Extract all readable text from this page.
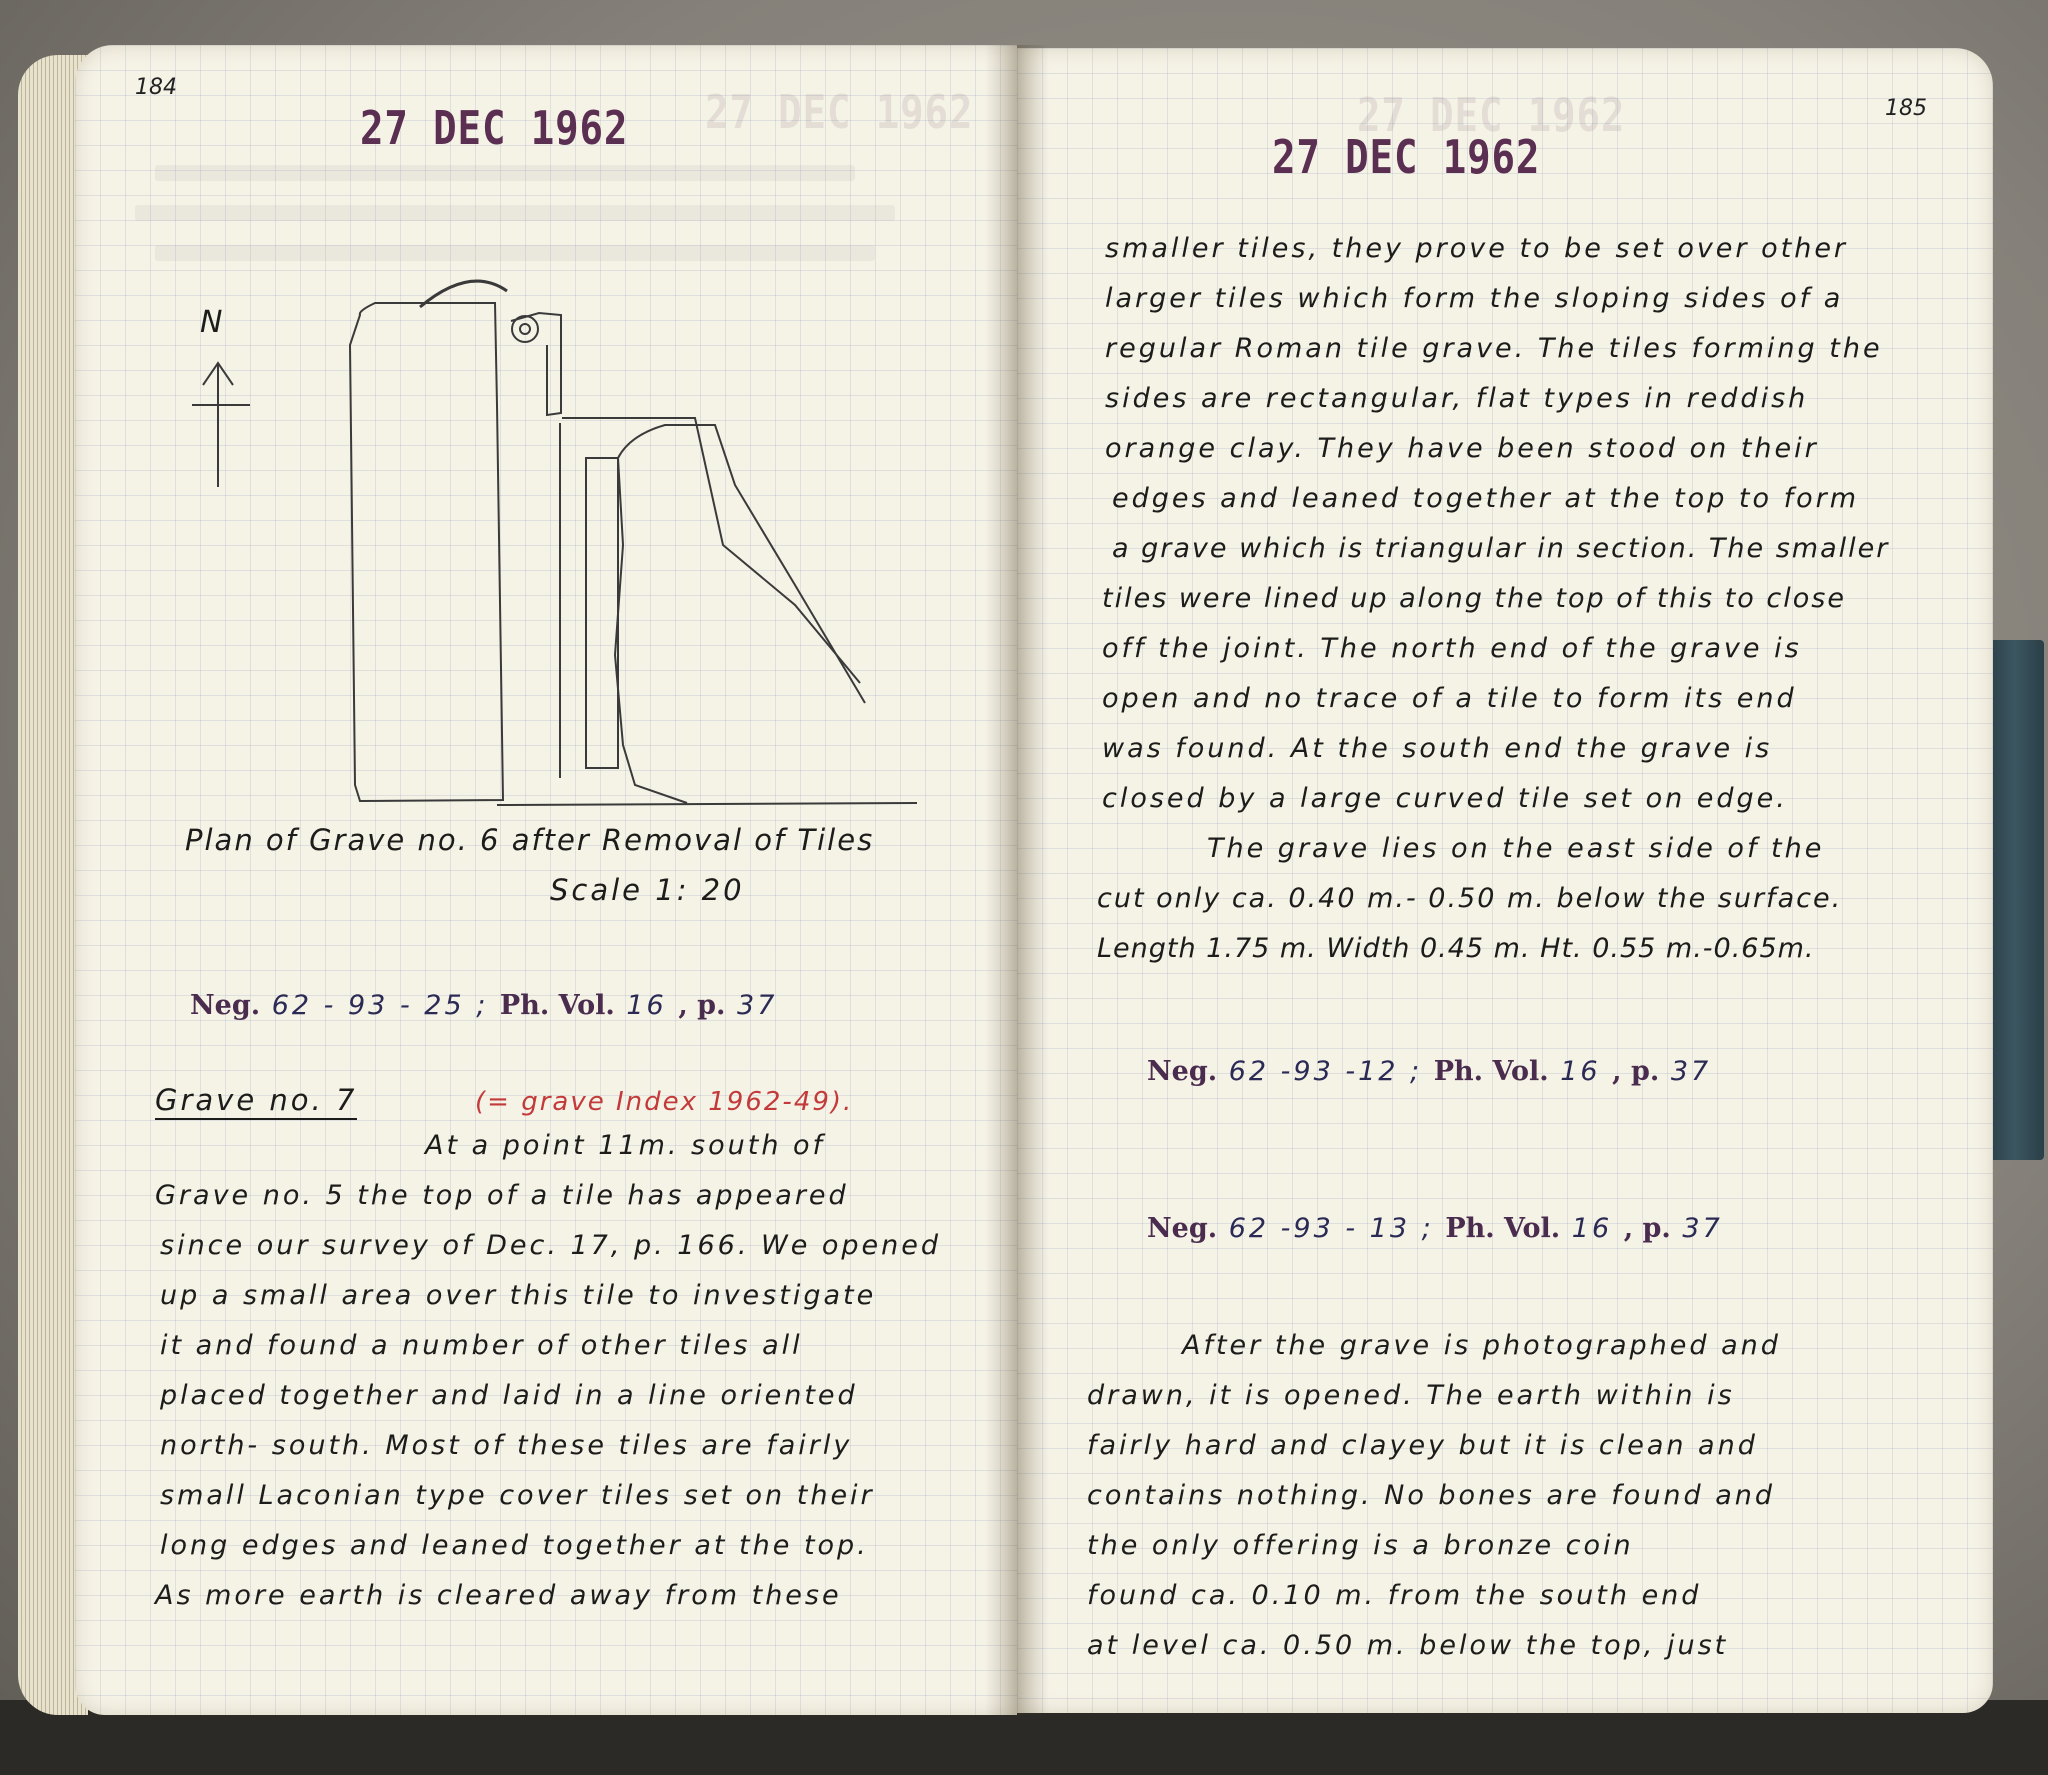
27 DEC 1962
184
27 DEC 1962
N
Plan of Grave no. 6 after Removal of Tiles
Scale 1: 20
Neg. 62 - 93 - 25 ; Ph. Vol. 16 , p. 37
Grave no. 7	(= grave Index 1962-49).
At a point 11m. south of
Grave no. 5 the top of a tile has appeared
since our survey of Dec. 17, p. 166. We opened
up a small area over this tile to investigate
it and found a number of other tiles all
placed together and laid in a line oriented
north- south. Most of these tiles are fairly
small Laconian type cover tiles set on their
long edges and leaned together at the top.
As more earth is cleared away from these
27 DEC 1962	185
27 DEC 1962
smaller tiles, they prove to be set over other
larger tiles which form the sloping sides of a
regular Roman tile grave. The tiles forming the
sides are rectangular, flat types in reddish
orange clay. They have been stood on their
edges and leaned together at the top to form
a grave which is triangular in section. The smaller
tiles were lined up along the top of this to close
off the joint. The north end of the grave is
open and no trace of a tile to form its end
was found. At the south end the grave is
closed by a large curved tile set on edge.
The grave lies on the east side of the
cut only ca. 0.40 m.- 0.50 m. below the surface.
Length 1.75 m. Width 0.45 m. Ht. 0.55 m.-0.65m.
Neg. 62 -93 -12 ; Ph. Vol. 16 , p. 37
Neg. 62 -93 - 13 ; Ph. Vol. 16 , p. 37
After the grave is photographed and
drawn, it is opened. The earth within is
fairly hard and clayey but it is clean and
contains nothing. No bones are found and
the only offering is a bronze coin
found ca. 0.10 m. from the south end
at level ca. 0.50 m. below the top, just
